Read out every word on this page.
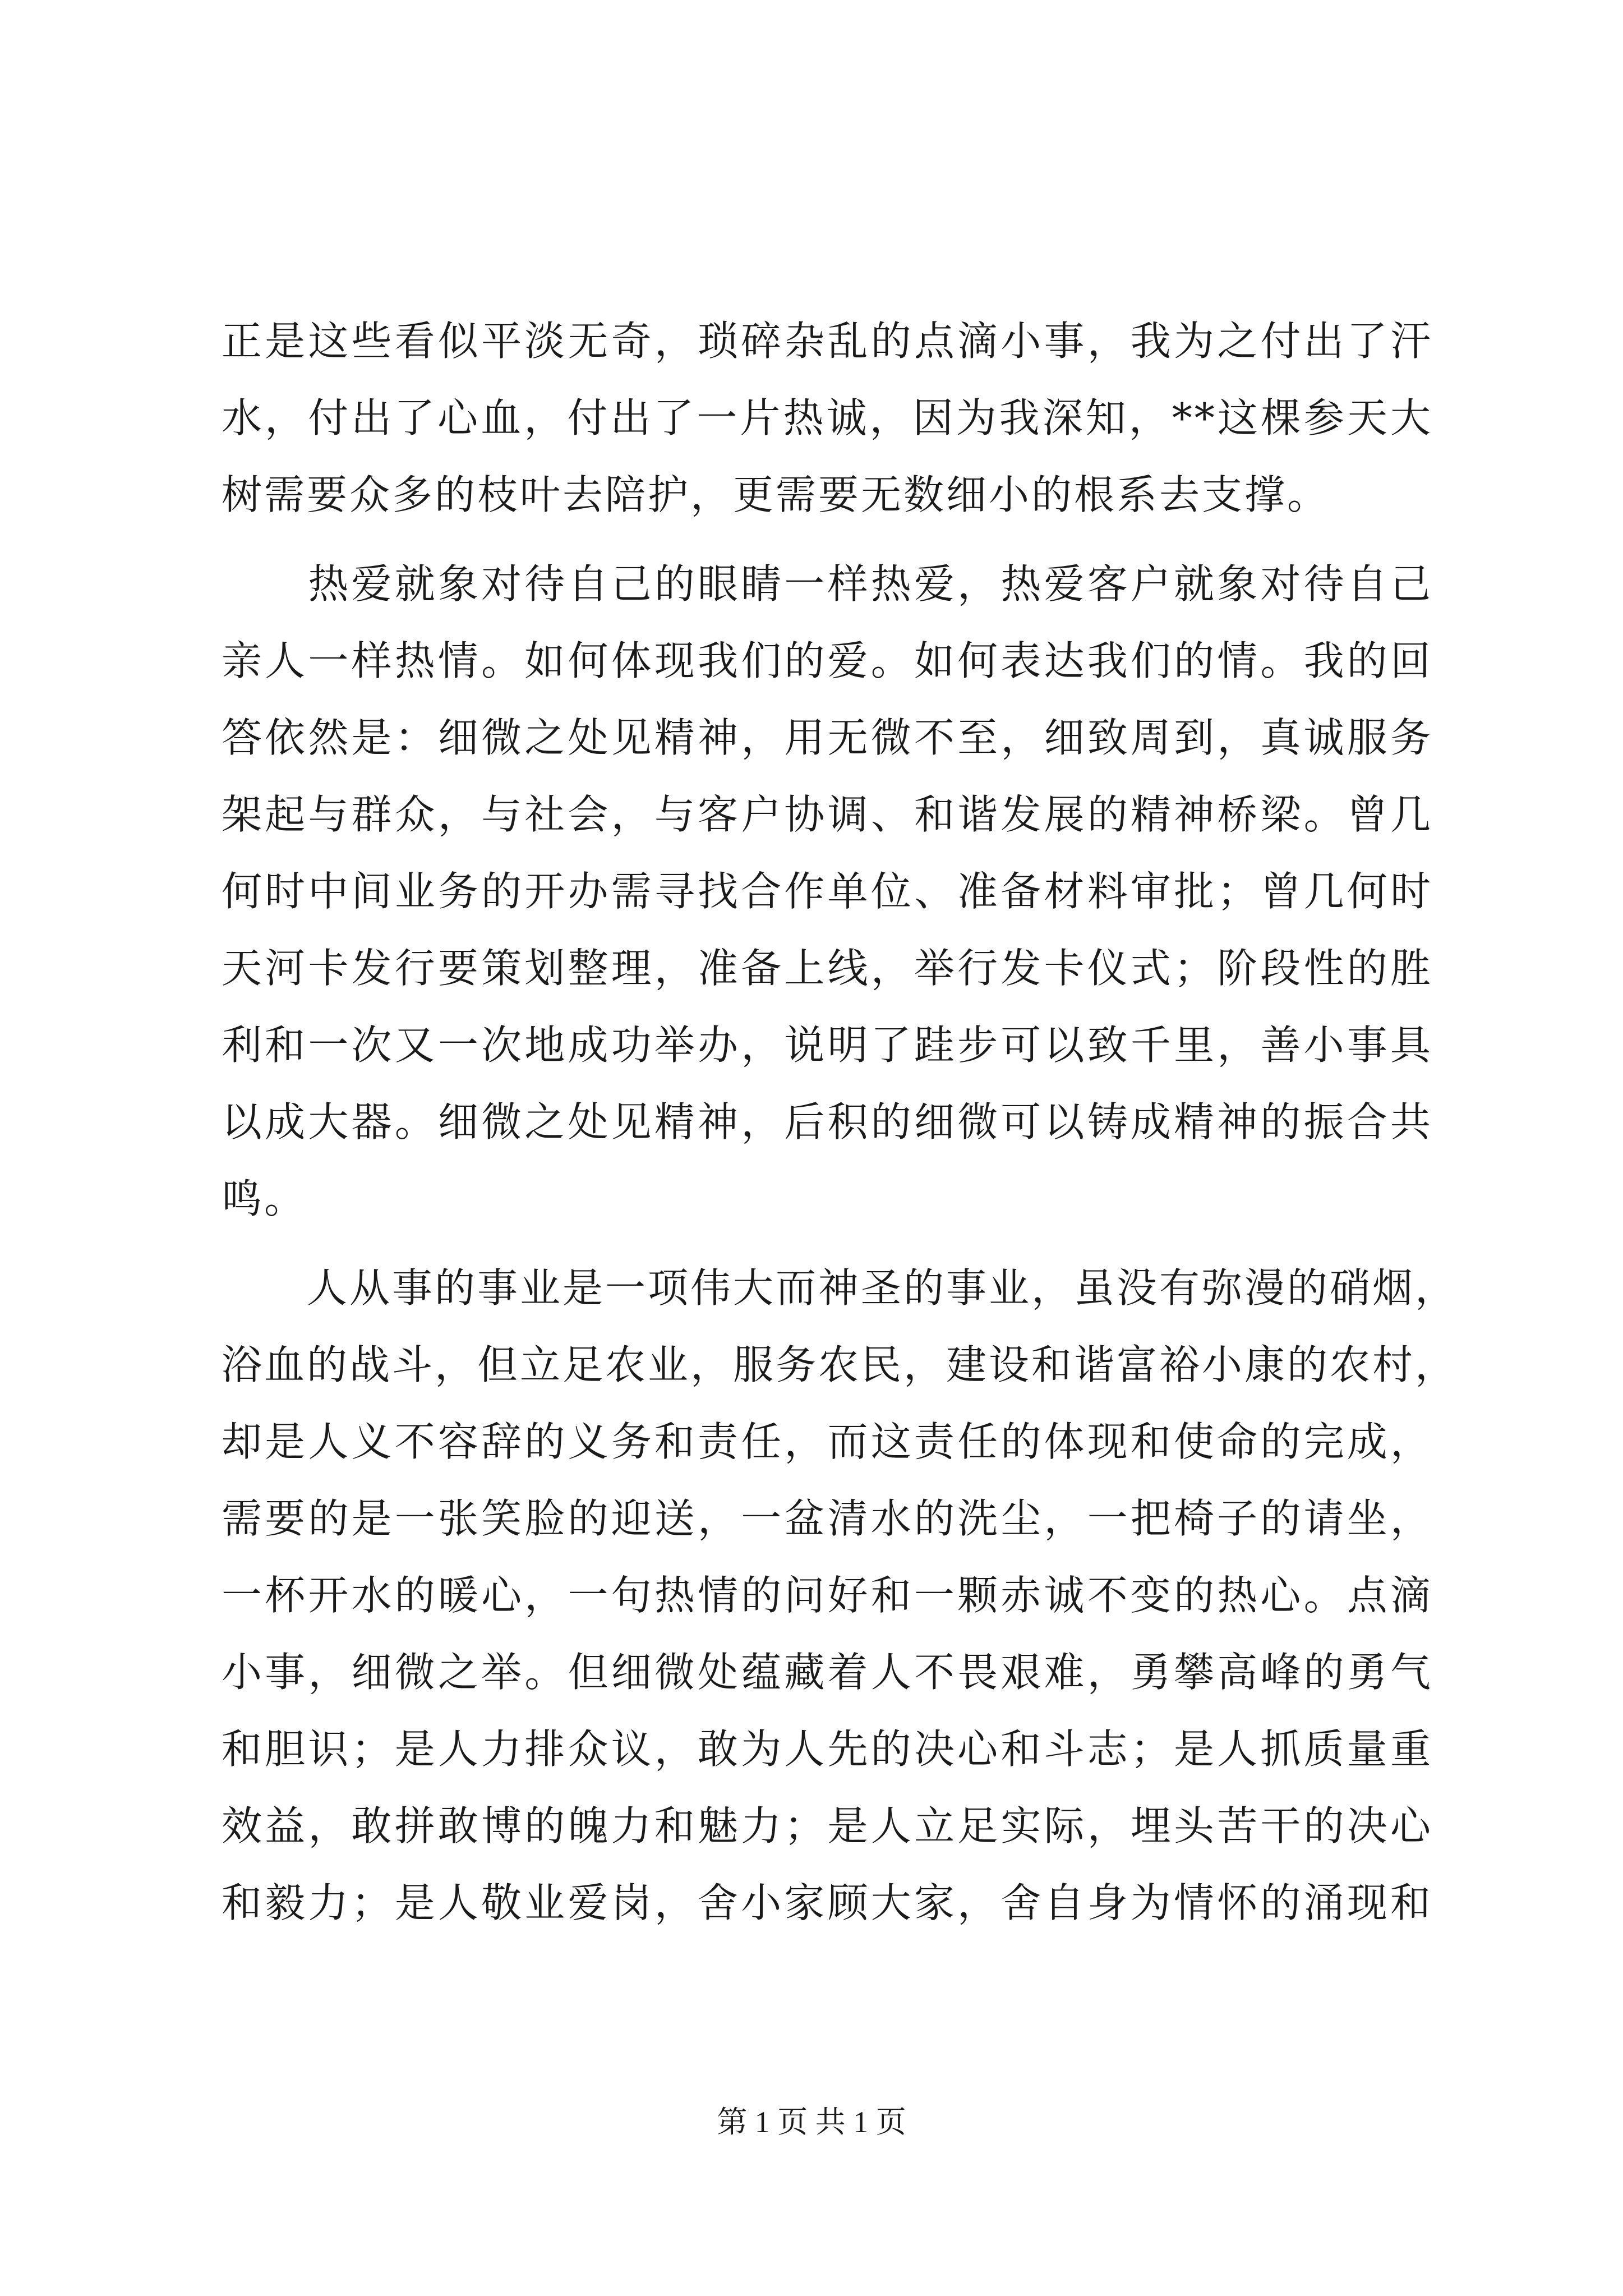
正是这些看似平淡无奇，琐碎杂乱的点滴小事，我为之付出了汗
水，付出了心血，付出了一片热诚，因为我深知，**这棵参天大
树需要众多的枝叶去陪护，更需要无数细小的根系去支撑。
　　热爱就象对待自己的眼睛一样热爱，热爱客户就象对待自己
亲人一样热情。如何体现我们的爱。如何表达我们的情。我的回
答依然是：细微之处见精神，用无微不至，细致周到，真诚服务
架起与群众，与社会，与客户协调、和谐发展的精神桥梁。曾几
何时中间业务的开办需寻找合作单位、准备材料审批；曾几何时
天河卡发行要策划整理，准备上线，举行发卡仪式；阶段性的胜
利和一次又一次地成功举办，说明了跬步可以致千里，善小事具
以成大器。细微之处见精神，后积的细微可以铸成精神的振合共
鸣。
　　人从事的事业是一项伟大而神圣的事业，虽没有弥漫的硝烟，
浴血的战斗，但立足农业，服务农民，建设和谐富裕小康的农村，
却是人义不容辞的义务和责任，而这责任的体现和使命的完成，
需要的是一张笑脸的迎送，一盆清水的洗尘，一把椅子的请坐，
一杯开水的暖心，一句热情的问好和一颗赤诚不变的热心。点滴
小事，细微之举。但细微处蕴藏着人不畏艰难，勇攀高峰的勇气
和胆识；是人力排众议，敢为人先的决心和斗志；是人抓质量重
效益，敢拼敢博的魄力和魅力；是人立足实际，埋头苦干的决心
和毅力；是人敬业爱岗，舍小家顾大家，舍自身为情怀的涌现和
第 1 页 共 1 页
